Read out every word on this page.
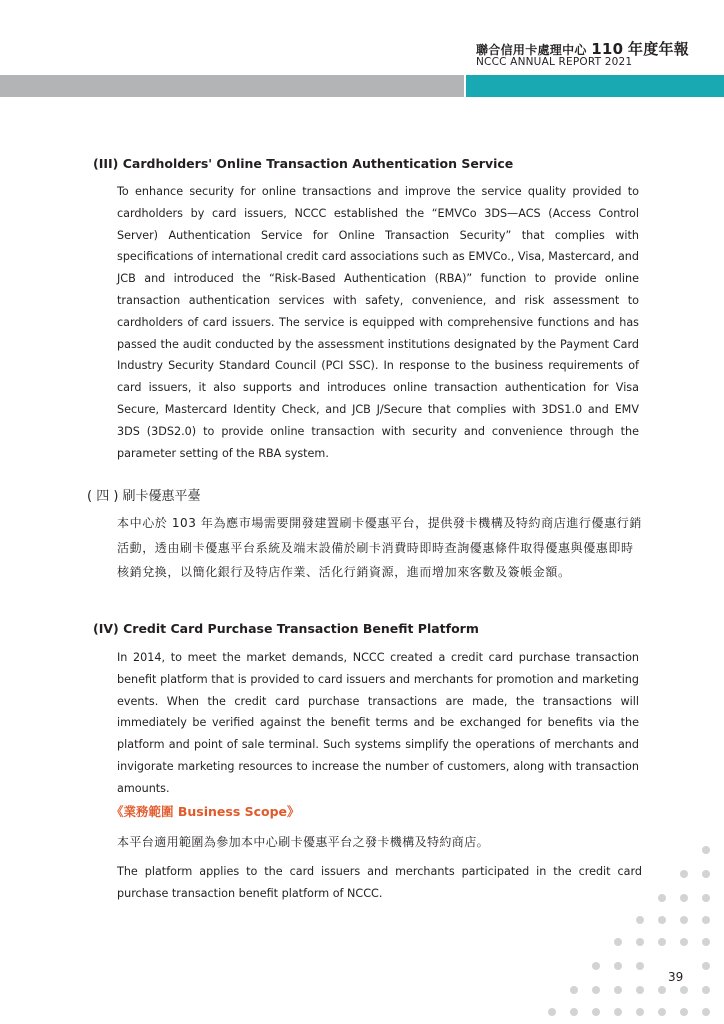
聯合信用卡處理中心 110 年度年報
NCCC ANNUAL REPORT 2021
(III) Cardholders' Online Transaction Authentication Service
To enhance security for online transactions and improve the service quality provided to cardholders by card issuers, NCCC established the “EMVCo 3DS—ACS (Access Control Server) Authentication Service for Online Transaction Security” that complies with specifications of international credit card associations such as EMVCo., Visa, Mastercard, and JCB and introduced the “Risk-Based Authentication (RBA)” function to provide online transaction authentication services with safety, convenience, and risk assessment to cardholders of card issuers. The service is equipped with comprehensive functions and has passed the audit conducted by the assessment institutions designated by the Payment Card Industry Security Standard Council (PCI SSC). In response to the business requirements of card issuers, it also supports and introduces online transaction authentication for Visa Secure, Mastercard Identity Check, and JCB J/Secure that complies with 3DS1.0 and EMV 3DS (3DS2.0) to provide online transaction with security and convenience through the parameter setting of the RBA system.
( 四 ) 刷卡優惠平臺
本中心於 103 年為應市場需要開發建置刷卡優惠平台，提供發卡機構及特約商店進行優惠行銷活動，透由刷卡優惠平台系統及端末設備於刷卡消費時即時查詢優惠條件取得優惠與優惠即時核銷兌換，以簡化銀行及特店作業、活化行銷資源，進而增加來客數及簽帳金額。
(IV) Credit Card Purchase Transaction Benefit Platform
In 2014, to meet the market demands, NCCC created a credit card purchase transaction benefit platform that is provided to card issuers and merchants for promotion and marketing events. When the credit card purchase transactions are made, the transactions will immediately be verified against the benefit terms and be exchanged for benefits via the platform and point of sale terminal. Such systems simplify the operations of merchants and invigorate marketing resources to increase the number of customers, along with transaction amounts.
《業務範圍 Business Scope》
本平台適用範圍為參加本中心刷卡優惠平台之發卡機構及特約商店。
The platform applies to the card issuers and merchants participated in the credit card purchase transaction benefit platform of NCCC.
39
